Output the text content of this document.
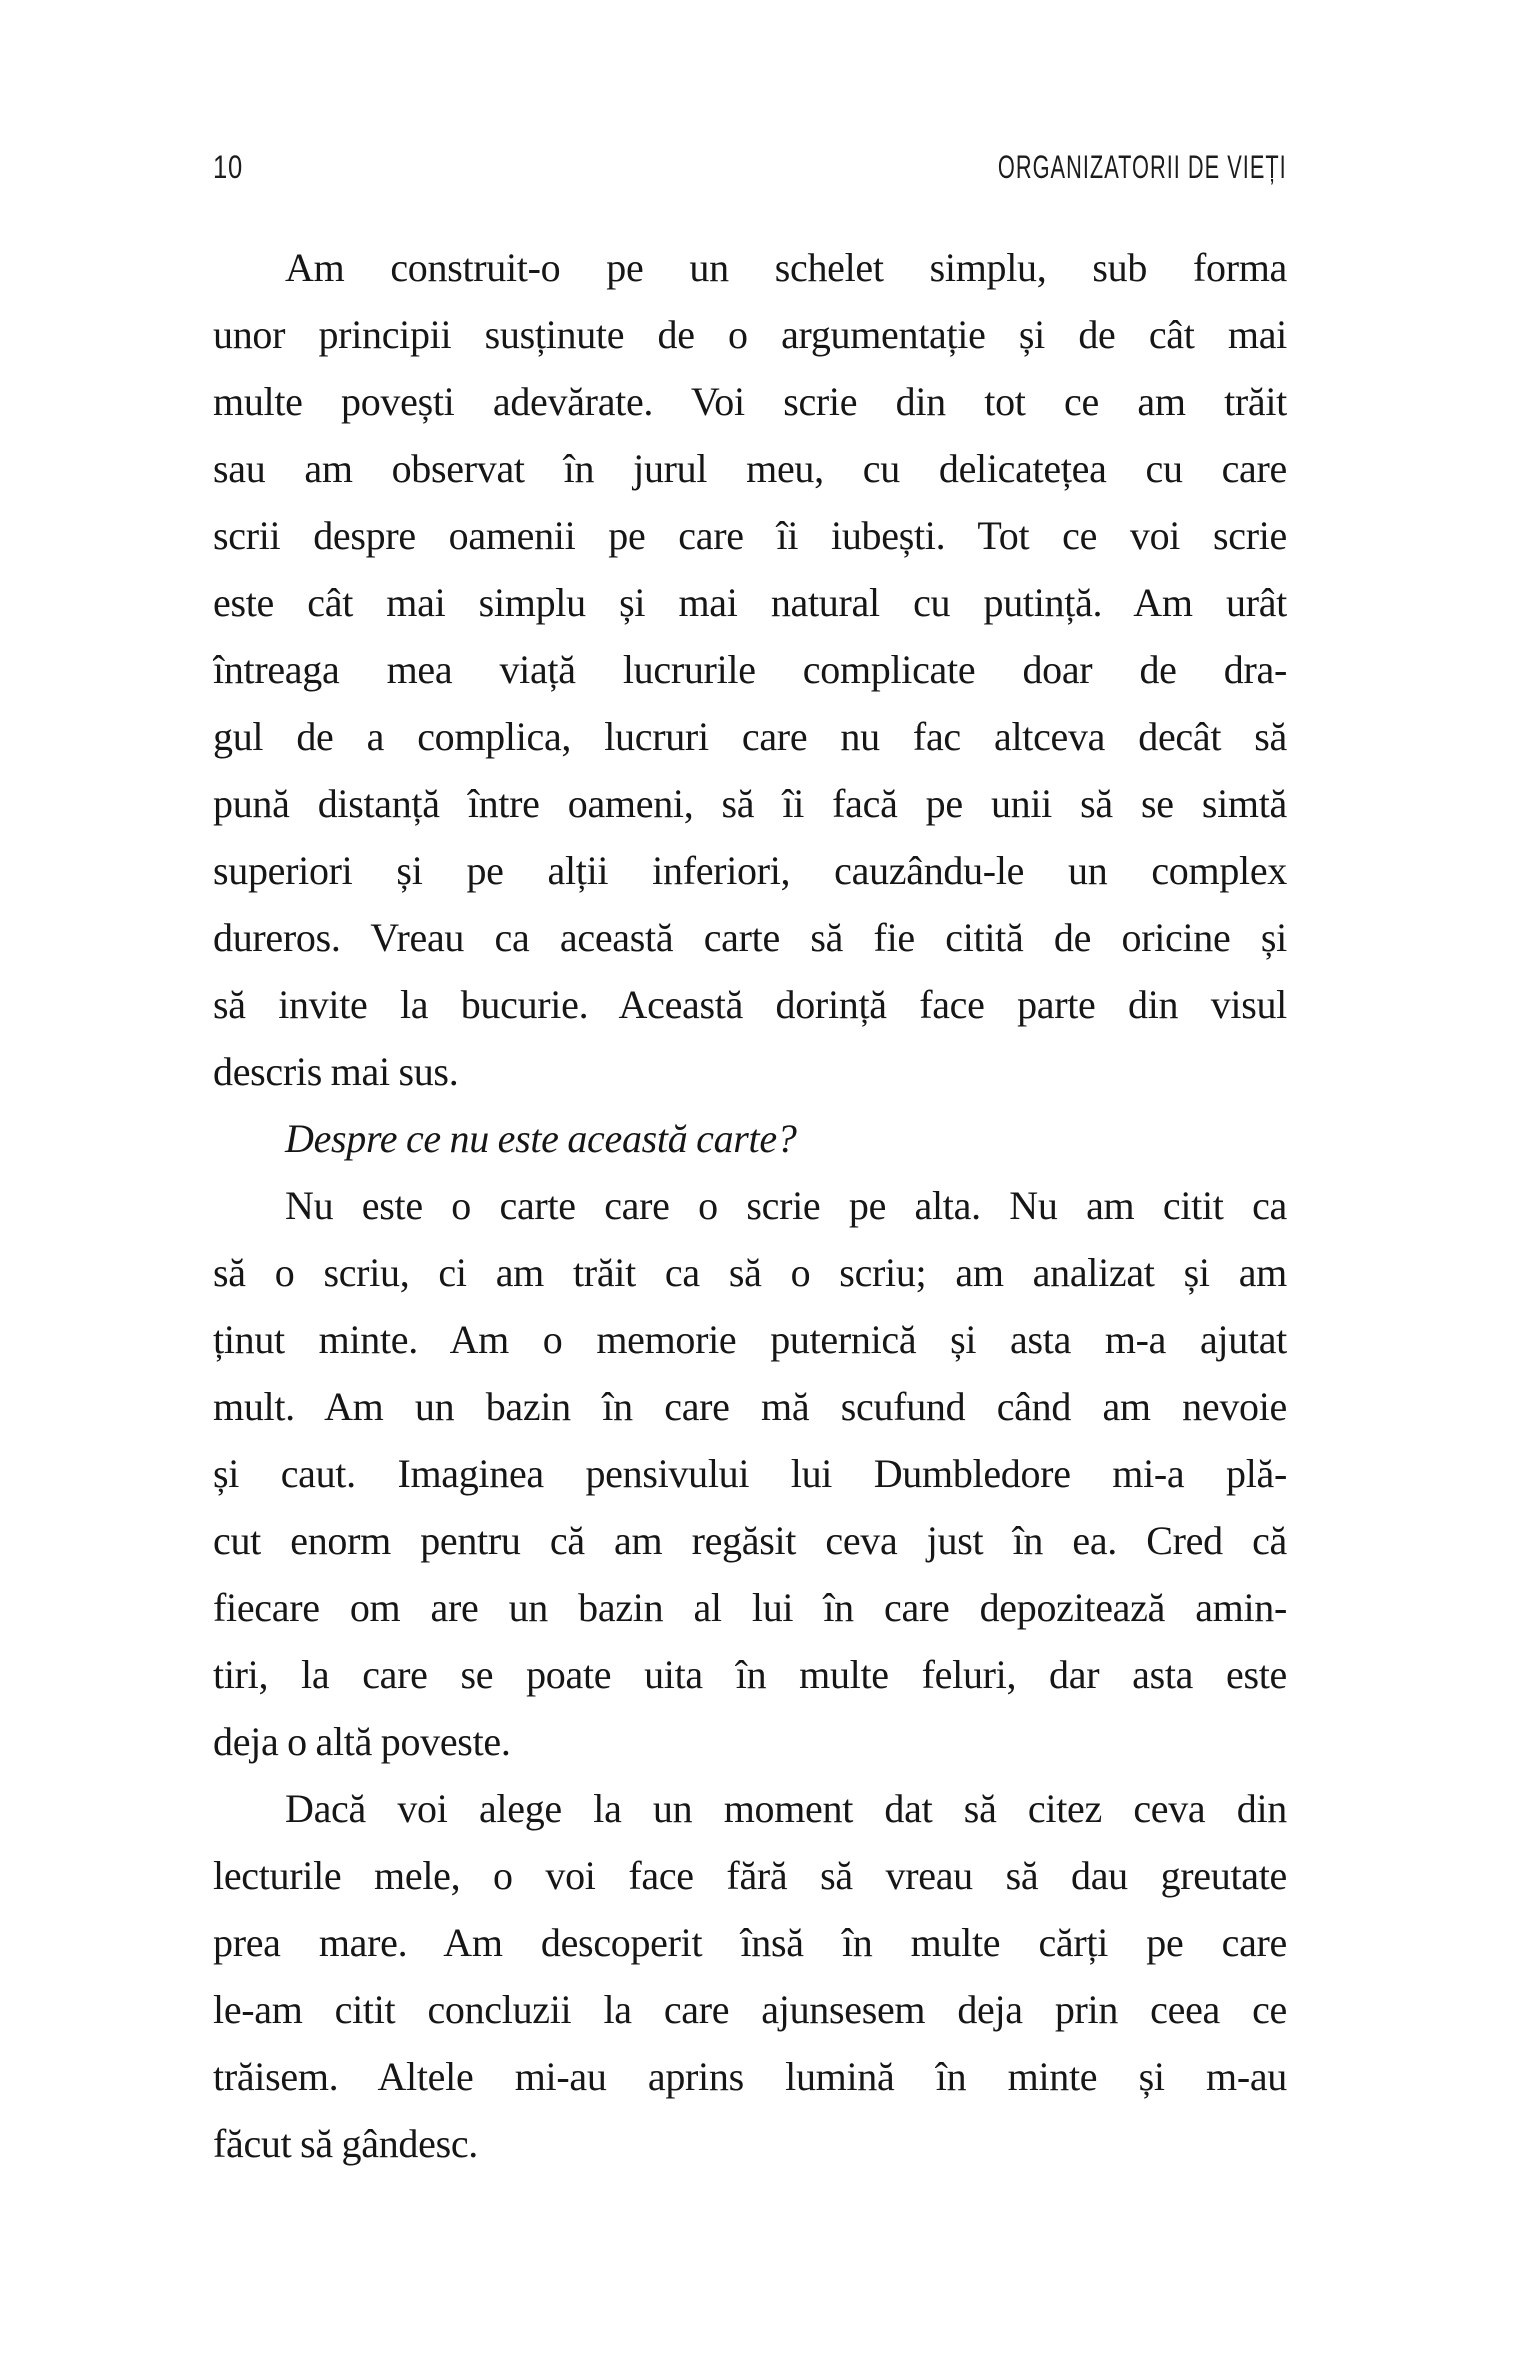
10	ORGANIZATORII DE VIEȚI
Am construit-o pe un schelet simplu, sub forma
unor principii susținute de o argumentație și de cât mai
multe povești adevărate. Voi scrie din tot ce am trăit
sau am observat în jurul meu, cu delicatețea cu care
scrii despre oamenii pe care îi iubești. Tot ce voi scrie
este cât mai simplu și mai natural cu putință. Am urât
întreaga mea viață lucrurile complicate doar de dra-
gul de a complica, lucruri care nu fac altceva decât să
pună distanță între oameni, să îi facă pe unii să se simtă
superiori și pe alții inferiori, cauzându-le un complex
dureros. Vreau ca această carte să fie citită de oricine și
să invite la bucurie. Această dorință face parte din visul
descris mai sus.
Despre ce nu este această carte?
Nu este o carte care o scrie pe alta. Nu am citit ca
să o scriu, ci am trăit ca să o scriu; am analizat și am
ținut minte. Am o memorie puternică și asta m-a ajutat
mult. Am un bazin în care mă scufund când am nevoie
și caut. Imaginea pensivului lui Dumbledore mi-a plă-
cut enorm pentru că am regăsit ceva just în ea. Cred că
fiecare om are un bazin al lui în care depozitează amin-
tiri, la care se poate uita în multe feluri, dar asta este
deja o altă poveste.
Dacă voi alege la un moment dat să citez ceva din
lecturile mele, o voi face fără să vreau să dau greutate
prea mare. Am descoperit însă în multe cărți pe care
le-am citit concluzii la care ajunsesem deja prin ceea ce
trăisem. Altele mi-au aprins lumină în minte și m-au
făcut să gândesc.
